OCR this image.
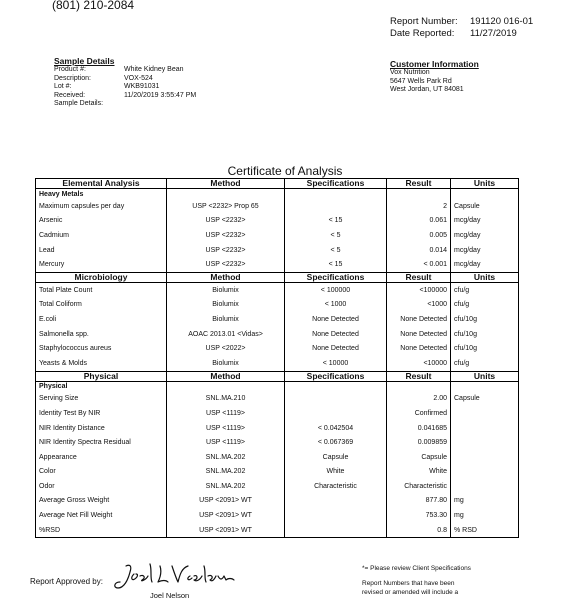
(801) 210-2084
Report Number: 191120 016-01
Date Reported: 11/27/2019
Sample Details
Product #:	White Kidney Bean
Description:	VOX-524
Lot #:	WKB91031
Received:	11/20/2019 3:55:47 PM
Sample Details:
Customer Information
Vox Nutrition
5647 Wells Park Rd
West Jordan, UT 84081
Certificate of Analysis
Elemental Analysis	Method	Specifications	Result	Units
Heavy Metals				
Maximum capsules per day	USP <2232> Prop 65		2	Capsule
Arsenic	USP <2232>	< 15	0.061	mcg/day
Cadmium	USP <2232>	< 5	0.005	mcg/day
Lead	USP <2232>	< 5	0.014	mcg/day
Mercury	USP <2232>	< 15	< 0.001	mcg/day
Microbiology	Method	Specifications	Result	Units
Total Plate Count	Biolumix	< 100000	<100000	cfu/g
Total Coliform	Biolumix	< 1000	<1000	cfu/g
E.coli	Biolumix	None Detected	None Detected	cfu/10g
Salmonella spp.	AOAC 2013.01 <Vidas>	None Detected	None Detected	cfu/10g
Staphylococcus aureus	USP <2022>	None Detected	None Detected	cfu/10g
Yeasts & Molds	Biolumix	< 10000	<10000	cfu/g
Physical	Method	Specifications	Result	Units
Physical				
Serving Size	SNL.MA.210		2.00	Capsule
Identity Test By NIR	USP <1119>		Confirmed	
NIR Identity Distance	USP <1119>	< 0.042504	0.041685	
NIR Identity Spectra Residual	USP <1119>	< 0.067369	0.009859	
Appearance	SNL.MA.202	Capsule	Capsule	
Color	SNL.MA.202	White	White	
Odor	SNL.MA.202	Characteristic	Characteristic	
Average Gross Weight	USP <2091> WT		877.80	mg
Average Net Fill Weight	USP <2091> WT		753.30	mg
%RSD	USP <2091> WT		0.8	% RSD
Report Approved by:
Joel Nelson
*= Please review Client Specifications
Report Numbers that have been
revised or amended will include a
